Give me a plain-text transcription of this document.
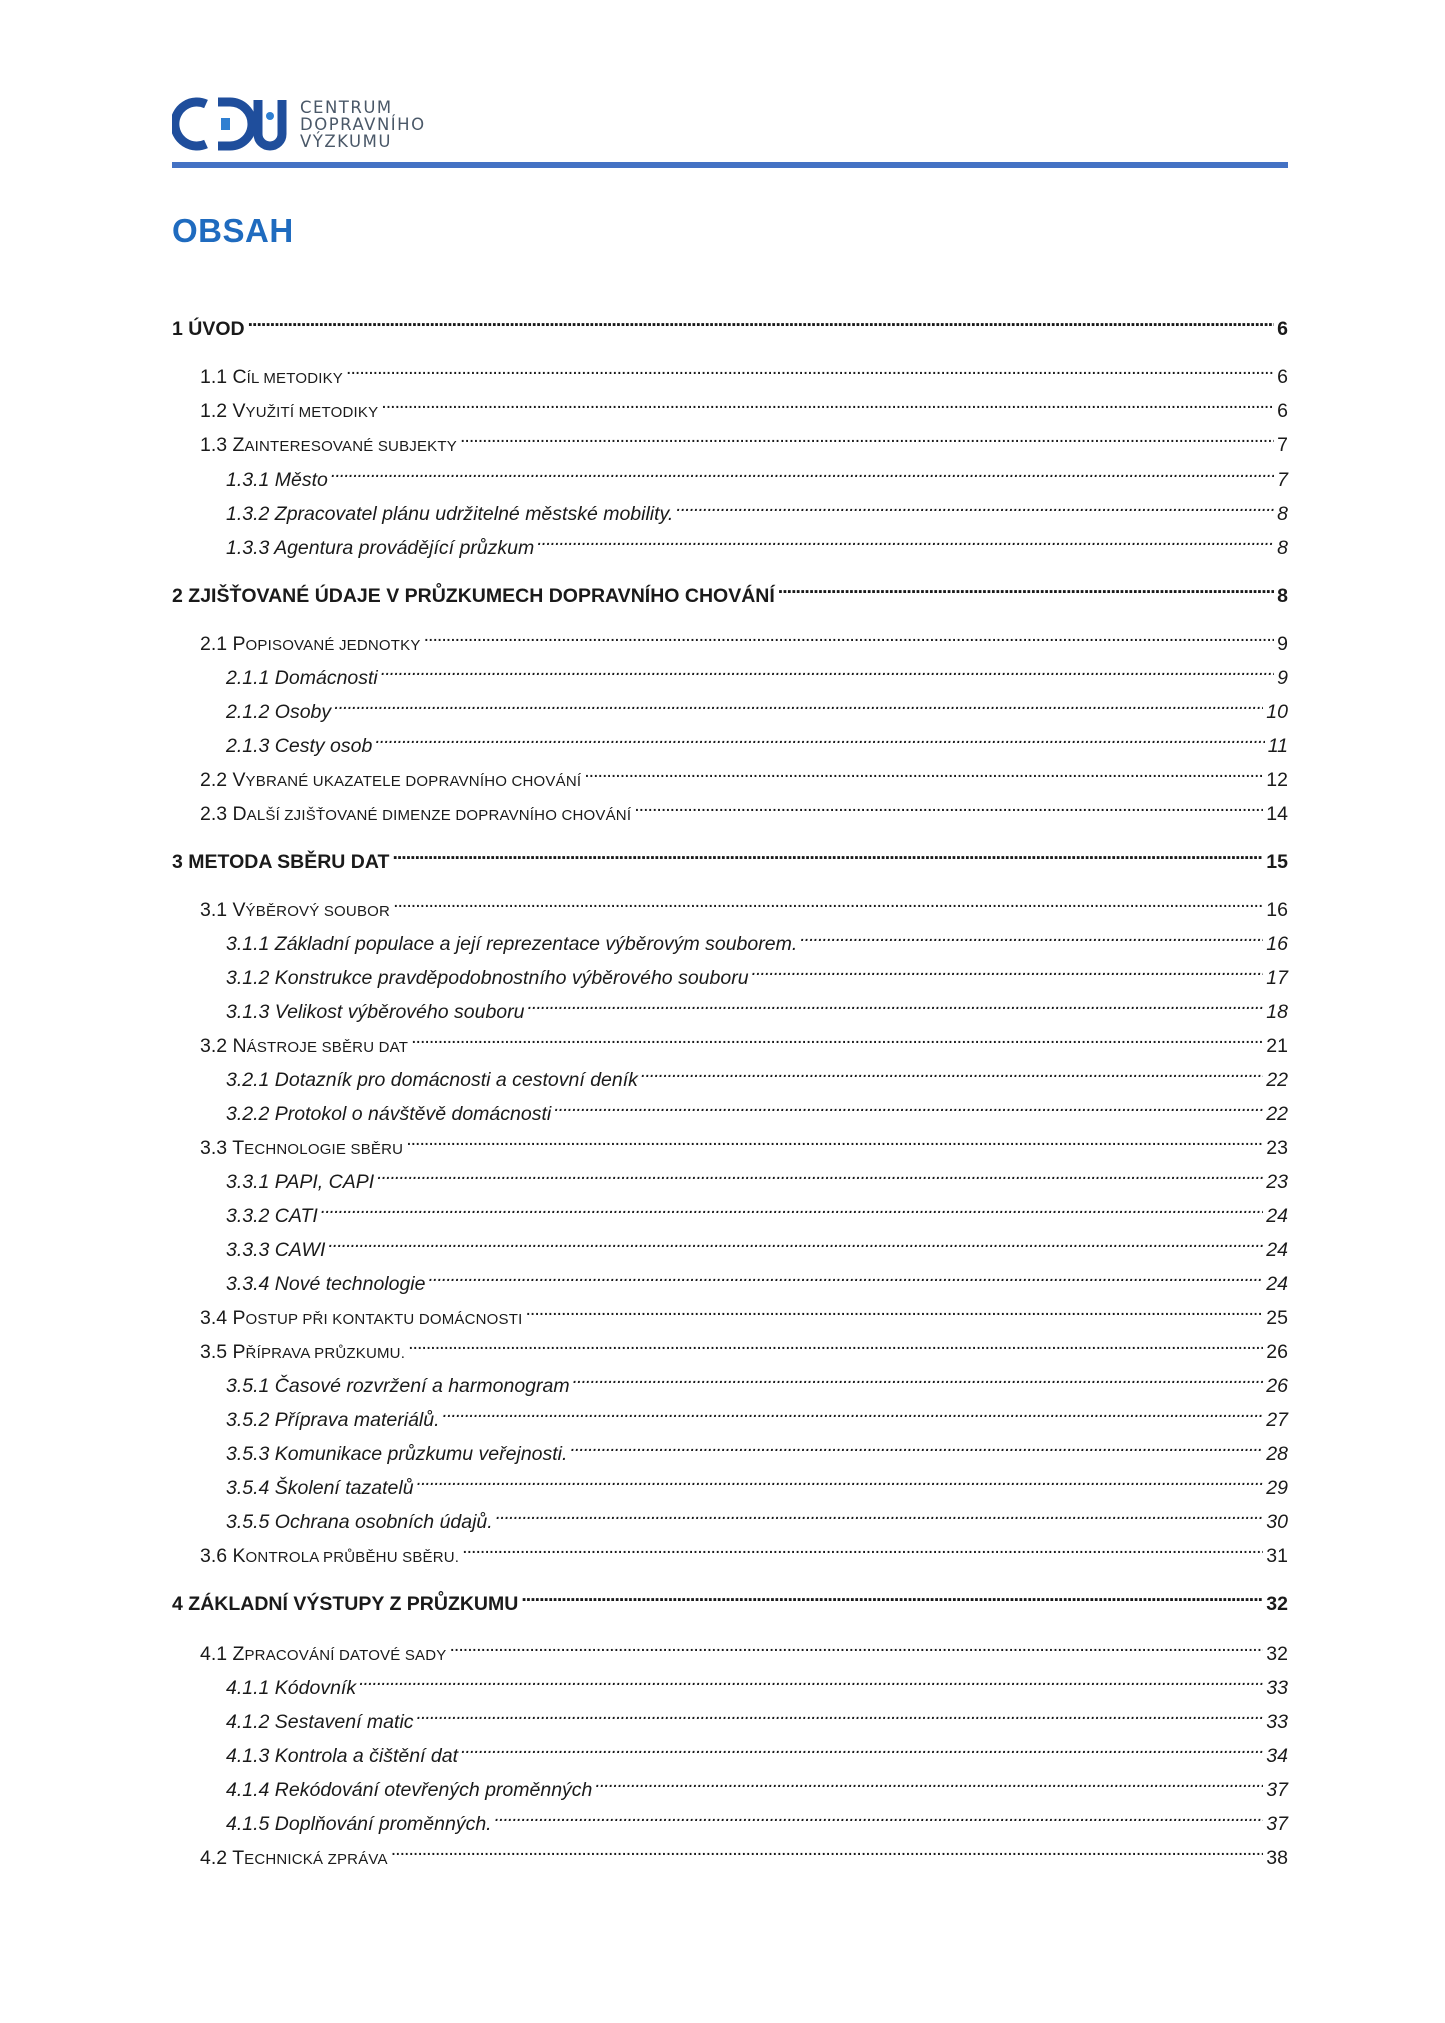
CENTRUM
DOPRAVNÍHO
VÝZKUMU
OBSAH
1 ÚVOD . . .	6
1.1 CÍL METODIKY . . .	6
1.2 VYUŽITÍ METODIKY . . .	6
1.3 ZAINTERESOVANÉ SUBJEKTY . . .	7
1.3.1 Město . . .	7
1.3.2 Zpracovatel plánu udržitelné městské mobility. . . .	8
1.3.3 Agentura provádějící průzkum . . .	8
2 ZJIŠŤOVANÉ ÚDAJE V PRŮZKUMECH DOPRAVNÍHO CHOVÁNÍ . . .	8
2.1 POPISOVANÉ JEDNOTKY . . .	9
2.1.1 Domácnosti . . .	9
2.1.2 Osoby . . .	10
2.1.3 Cesty osob . . .	11
2.2 VYBRANÉ UKAZATELE DOPRAVNÍHO CHOVÁNÍ . . .	12
2.3 DALŠÍ ZJIŠŤOVANÉ DIMENZE DOPRAVNÍHO CHOVÁNÍ . . .	14
3 METODA SBĚRU DAT . . .	15
3.1 VÝBĚROVÝ SOUBOR . . .	16
3.1.1 Základní populace a její reprezentace výběrovým souborem. . . .	16
3.1.2 Konstrukce pravděpodobnostního výběrového souboru . . .	17
3.1.3 Velikost výběrového souboru . . .	18
3.2 NÁSTROJE SBĚRU DAT . . .	21
3.2.1 Dotazník pro domácnosti a cestovní deník . . .	22
3.2.2 Protokol o návštěvě domácnosti . . .	22
3.3 TECHNOLOGIE SBĚRU . . .	23
3.3.1 PAPI, CAPI . . .	23
3.3.2 CATI . . .	24
3.3.3 CAWI . . .	24
3.3.4 Nové technologie . . .	24
3.4 POSTUP PŘI KONTAKTU DOMÁCNOSTI . . .	25
3.5 PŘÍPRAVA PRŮZKUMU. . . .	26
3.5.1 Časové rozvržení a harmonogram . . .	26
3.5.2 Příprava materiálů. . . .	27
3.5.3 Komunikace průzkumu veřejnosti. . . .	28
3.5.4 Školení tazatelů . . .	29
3.5.5 Ochrana osobních údajů. . . .	30
3.6 KONTROLA PRŮBĚHU SBĚRU. . . .	31
4 ZÁKLADNÍ VÝSTUPY Z PRŮZKUMU . . .	32
4.1 ZPRACOVÁNÍ DATOVÉ SADY . . .	32
4.1.1 Kódovník . . .	33
4.1.2 Sestavení matic . . .	33
4.1.3 Kontrola a čištění dat . . .	34
4.1.4 Rekódování otevřených proměnných . . .	37
4.1.5 Doplňování proměnných. . . .	37
4.2 TECHNICKÁ ZPRÁVA . . .	38
